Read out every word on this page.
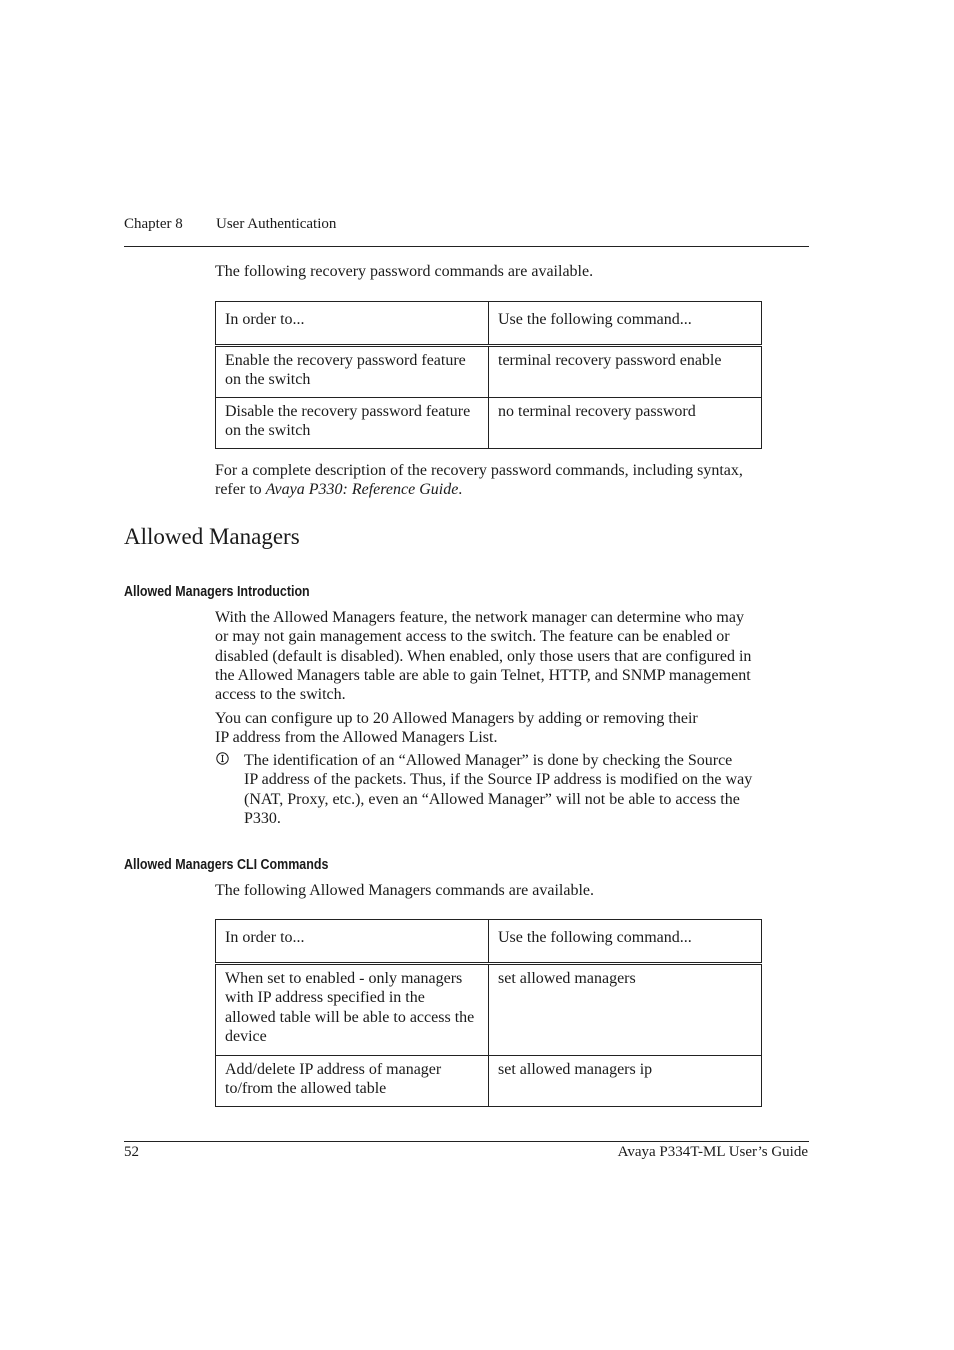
Chapter 8 User Authentication
The following recovery password commands are available.
In order to...	Use the following command...
Enable the recovery password feature on the switch	terminal recovery password enable
Disable the recovery password feature on the switch	no terminal recovery password
For a complete description of the recovery password commands, including syntax,
refer to Avaya P330: Reference Guide.
Allowed Managers
Allowed Managers Introduction
With the Allowed Managers feature, the network manager can determine who may
or may not gain management access to the switch. The feature can be enabled or
disabled (default is disabled). When enabled, only those users that are configured in
the Allowed Managers table are able to gain Telnet, HTTP, and SNMP management
access to the switch.
You can configure up to 20 Allowed Managers by adding or removing their
IP address from the Allowed Managers List.
The identification of an “Allowed Manager” is done by checking the Source
IP address of the packets. Thus, if the Source IP address is modified on the way
(NAT, Proxy, etc.), even an “Allowed Manager” will not be able to access the
P330.
Allowed Managers CLI Commands
The following Allowed Managers commands are available.
In order to...	Use the following command...
When set to enabled - only managers with IP address specified in the allowed table will be able to access the device	set allowed managers
Add/delete IP address of manager to/from the allowed table	set allowed managers ip
52	Avaya P334T-ML User’s Guide
